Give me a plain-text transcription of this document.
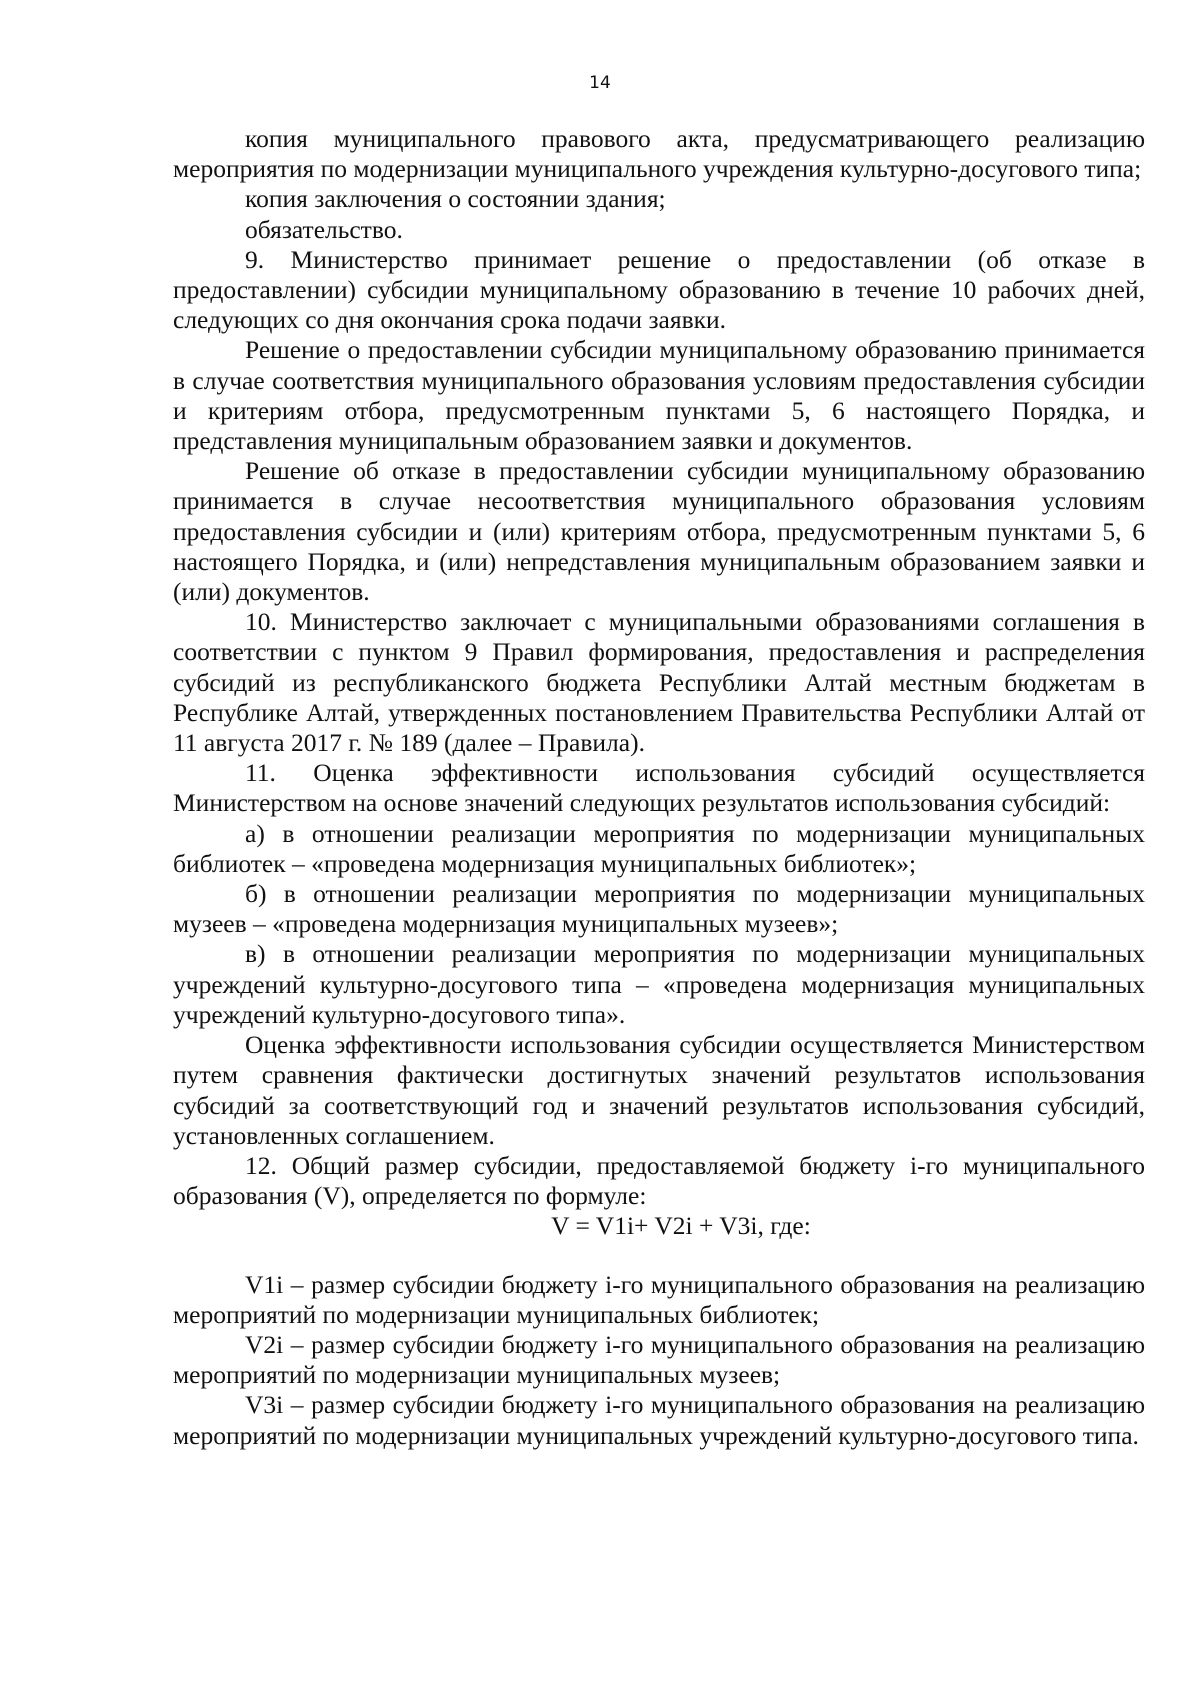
14

копия муниципального правового акта, предусматривающего реализацию мероприятия по модернизации муниципального учреждения культурно-досугового типа;

копия заключения о состоянии здания;

обязательство.

9. Министерство принимает решение о предоставлении (об отказе в предоставлении) субсидии муниципальному образованию в течение 10 рабочих дней, следующих со дня окончания срока подачи заявки.

Решение о предоставлении субсидии муниципальному образованию принимается в случае соответствия муниципального образования условиям предоставления субсидии и критериям отбора, предусмотренным пунктами 5, 6 настоящего Порядка, и представления муниципальным образованием заявки и документов.

Решение об отказе в предоставлении субсидии муниципальному образованию принимается в случае несоответствия муниципального образования условиям предоставления субсидии и (или) критериям отбора, предусмотренным пунктами 5, 6 настоящего Порядка, и (или) непредставления муниципальным образованием заявки и (или) документов.

10. Министерство заключает с муниципальными образованиями соглашения в соответствии с пунктом 9 Правил формирования, предоставления и распределения субсидий из республиканского бюджета Республики Алтай местным бюджетам в Республике Алтай, утвержденных постановлением Правительства Республики Алтай от 11 августа 2017 г. № 189 (далее – Правила).

11. Оценка эффективности использования субсидий осуществляется Министерством на основе значений следующих результатов использования субсидий:

а) в отношении реализации мероприятия по модернизации муниципальных библиотек – «проведена модернизация муниципальных библиотек»;

б) в отношении реализации мероприятия по модернизации муниципальных музеев – «проведена модернизация муниципальных музеев»;

в) в отношении реализации мероприятия по модернизации муниципальных учреждений культурно-досугового типа – «проведена модернизация муниципальных учреждений культурно-досугового типа».

Оценка эффективности использования субсидии осуществляется Министерством путем сравнения фактически достигнутых значений результатов использования субсидий за соответствующий год и значений результатов использования субсидий, установленных соглашением.

12. Общий размер субсидии, предоставляемой бюджету i-го муниципального образования (V), определяется по формуле:

V = V1i+ V2i + V3i, где:

V1i – размер субсидии бюджету i-го муниципального образования на реализацию мероприятий по модернизации муниципальных библиотек;

V2i – размер субсидии бюджету i-го муниципального образования на реализацию мероприятий по модернизации муниципальных музеев;

V3i – размер субсидии бюджету i-го муниципального образования на реализацию мероприятий по модернизации муниципальных учреждений культурно-досугового типа.
